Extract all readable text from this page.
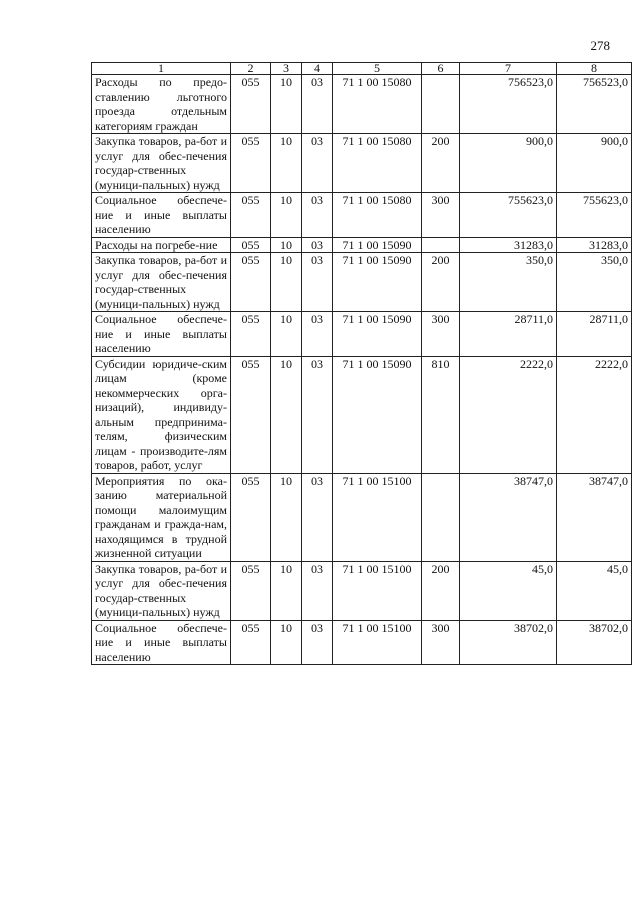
278
1	2	3	4	5	6	7	8
Расходы по предо-ставлению льготного проезда отдельным категориям граждан	055	10	03	71 1 00 15080		756523,0	756523,0
Закупка товаров, ра-бот и услуг для обес-печения государ-ственных (муници-пальных) нужд	055	10	03	71 1 00 15080	200	900,0	900,0
Социальное обеспече-ние и иные выплаты населению	055	10	03	71 1 00 15080	300	755623,0	755623,0
Расходы на погребе-ние	055	10	03	71 1 00 15090		31283,0	31283,0
Закупка товаров, ра-бот и услуг для обес-печения государ-ственных (муници-пальных) нужд	055	10	03	71 1 00 15090	200	350,0	350,0
Социальное обеспече-ние и иные выплаты населению	055	10	03	71 1 00 15090	300	28711,0	28711,0
Субсидии юридиче-ским лицам (кроме некоммерческих орга-низаций), индивиду-альным предпринима-телям, физическим лицам - производите-лям товаров, работ, услуг	055	10	03	71 1 00 15090	810	2222,0	2222,0
Мероприятия по ока-занию материальной помощи малоимущим гражданам и гражда-нам, находящимся в трудной жизненной ситуации	055	10	03	71 1 00 15100		38747,0	38747,0
Закупка товаров, ра-бот и услуг для обес-печения государ-ственных (муници-пальных) нужд	055	10	03	71 1 00 15100	200	45,0	45,0
Социальное обеспече-ние и иные выплаты населению	055	10	03	71 1 00 15100	300	38702,0	38702,0
